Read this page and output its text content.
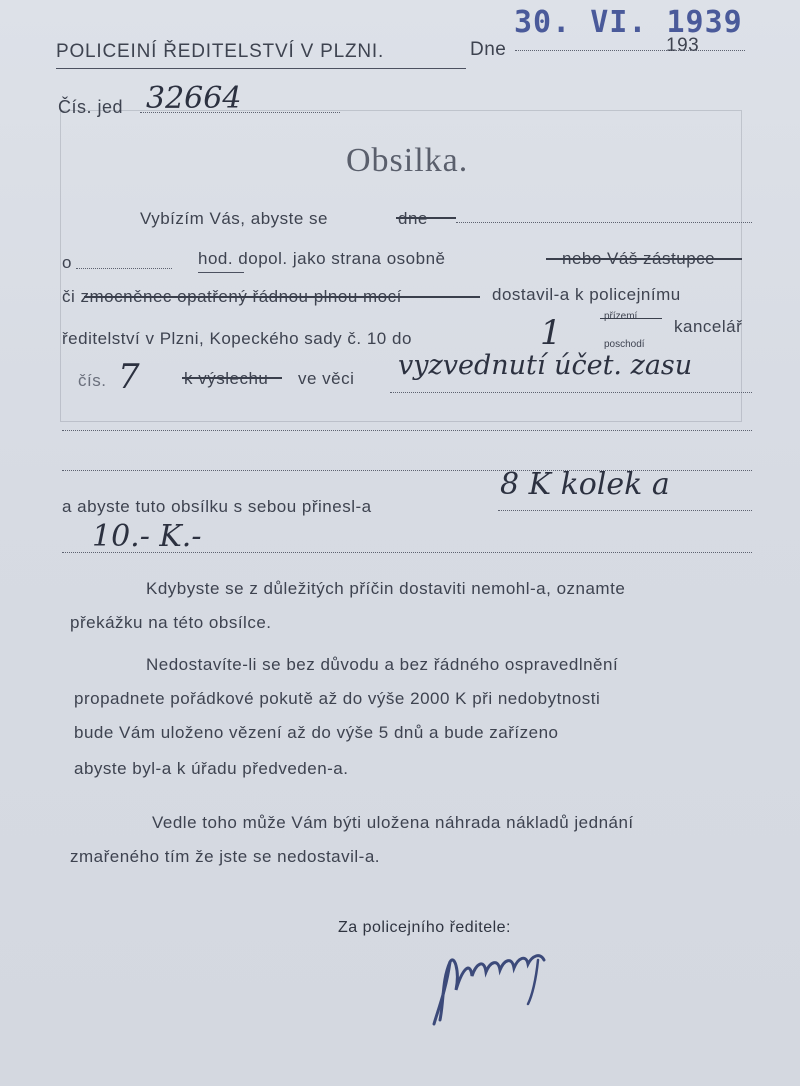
POLICEINÍ ŘEDITELSTVÍ V PLZNI.	Dne
30. VI. 1939
193
Čís. jed 32664
Obsilka.
Vybízím Vás, abyste se	dne
o	hod. dopol. jako strana osobně	nebo Váš zástupce
či zmocněnec opatřený řádnou plnou mocí	dostavil-a k policejnímu
ředitelství v Plzni, Kopeckého sady č. 10 do	1	přízemí
poschodí
kancelář
čís. 7	k výslechu ve věci vyzvednutí účet. zasu
a abyste tuto obsílku s sebou přinesl-a
8 K kolek a
10.- K.-
Kdybyste se z důležitých příčin dostaviti nemohl-a, oznamte
překážku na této obsílce.
Nedostavíte-li se bez důvodu a bez řádného ospravedlnění
propadnete pořádkové pokutě až do výše 2000 K při nedobytnosti
bude Vám uloženo vězení až do výše 5 dnů a bude zařízeno
abyste byl-a k úřadu předveden-a.
Vedle toho může Vám býti uložena náhrada nákladů jednání
zmařeného tím že jste se nedostavil-a.
Za policejního ředitele:
